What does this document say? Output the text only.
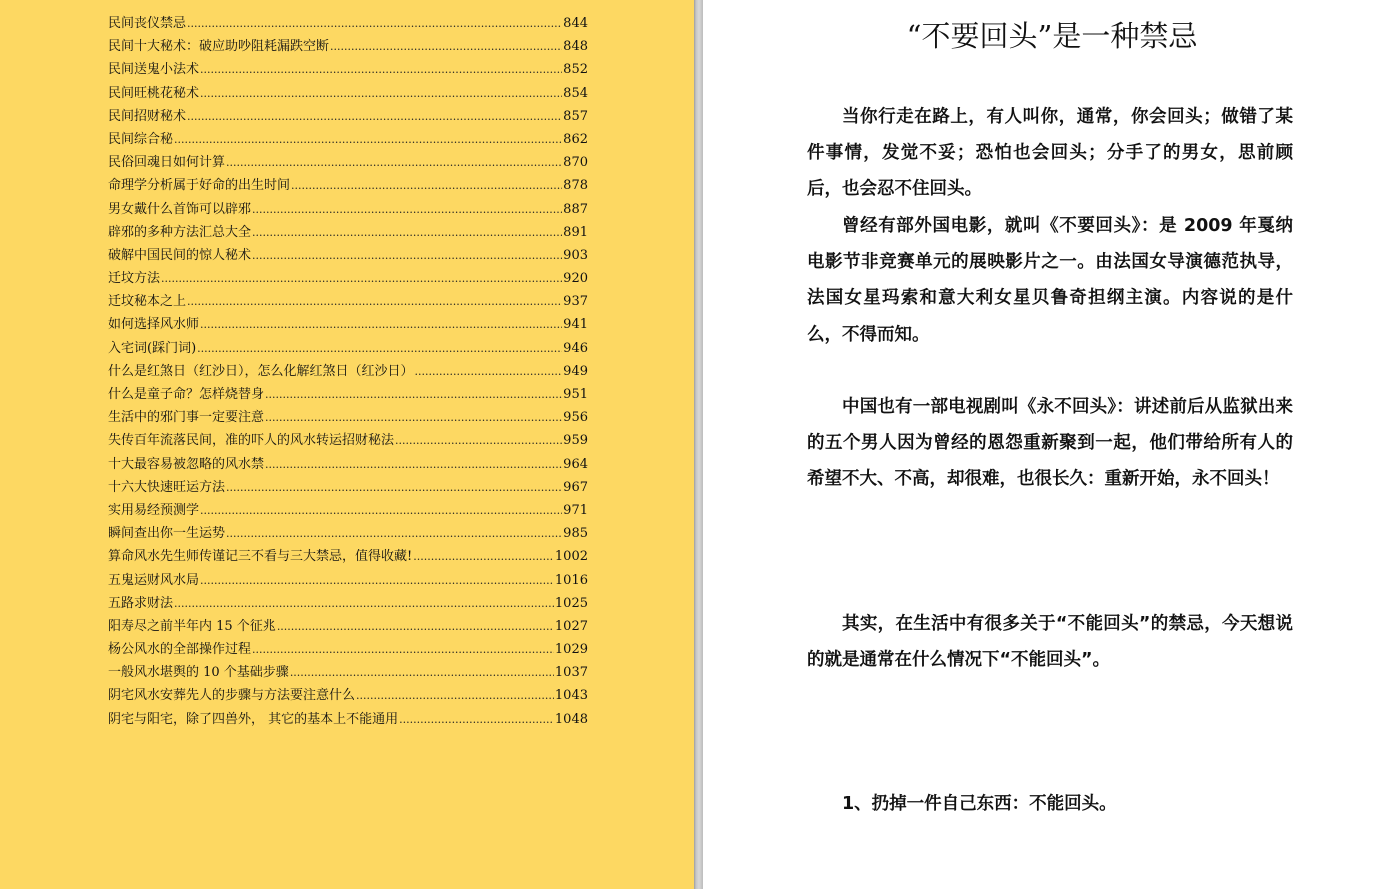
民间丧仪禁忌 .....	844
民间十大秘术：破应助吵阻耗漏跌空断 .....	848
民间送鬼小法术 .....	852
民间旺桃花秘术 .....	854
民间招财秘术 .....	857
民间综合秘 .....	862
民俗回魂日如何计算 .....	870
命理学分析属于好命的出生时间 .....	878
男女戴什么首饰可以辟邪 .....	887
辟邪的多种方法汇总大全 .....	891
破解中国民间的惊人秘术 .....	903
迁坟方法 .....	920
迁坟秘本之上 .....	937
如何选择风水师 .....	941
入宅词(踩门词) .....	946
什么是红煞日（红沙日），怎么化解红煞日（红沙日） .....	949
什么是童子命？怎样烧替身 .....	951
生活中的邪门事一定要注意 .....	956
失传百年流落民间，准的吓人的风水转运招财秘法 .....	959
十大最容易被忽略的风水禁 .....	964
十六大快速旺运方法 .....	967
实用易经预测学 .....	971
瞬间查出你一生运势 .....	985
算命风水先生师传谨记三不看与三大禁忌，值得收藏! .....	1002
五鬼运财风水局 .....	1016
五路求财法 .....	1025
阳寿尽之前半年内 15 个征兆 .....	1027
杨公风水的全部操作过程 .....	1029
一般风水堪舆的 10 个基础步骤 .....	1037
阴宅风水安葬先人的步骤与方法要注意什么 .....	1043
阴宅与阳宅，除了四兽外， 其它的基本上不能通用 .....	1048
“不要回头”是一种禁忌

当你行走在路上，有人叫你，通常，你会回头；做错了某件事情，发觉不妥；恐怕也会回头；分手了的男女，思前顾后，也会忍不住回头。

曾经有部外国电影，就叫《不要回头》：是 2009 年戛纳电影节非竞赛单元的展映影片之一。由法国女导演德范执导，法国女星玛索和意大利女星贝鲁奇担纲主演。内容说的是什么，不得而知。

中国也有一部电视剧叫《永不回头》：讲述前后从监狱出来的五个男人因为曾经的恩怨重新聚到一起，他们带给所有人的希望不大、不高，却很难，也很长久：重新开始，永不回头！

其实，在生活中有很多关于“不能回头”的禁忌，今天想说的就是通常在什么情况下“不能回头”。

1、扔掉一件自己东西：不能回头。
